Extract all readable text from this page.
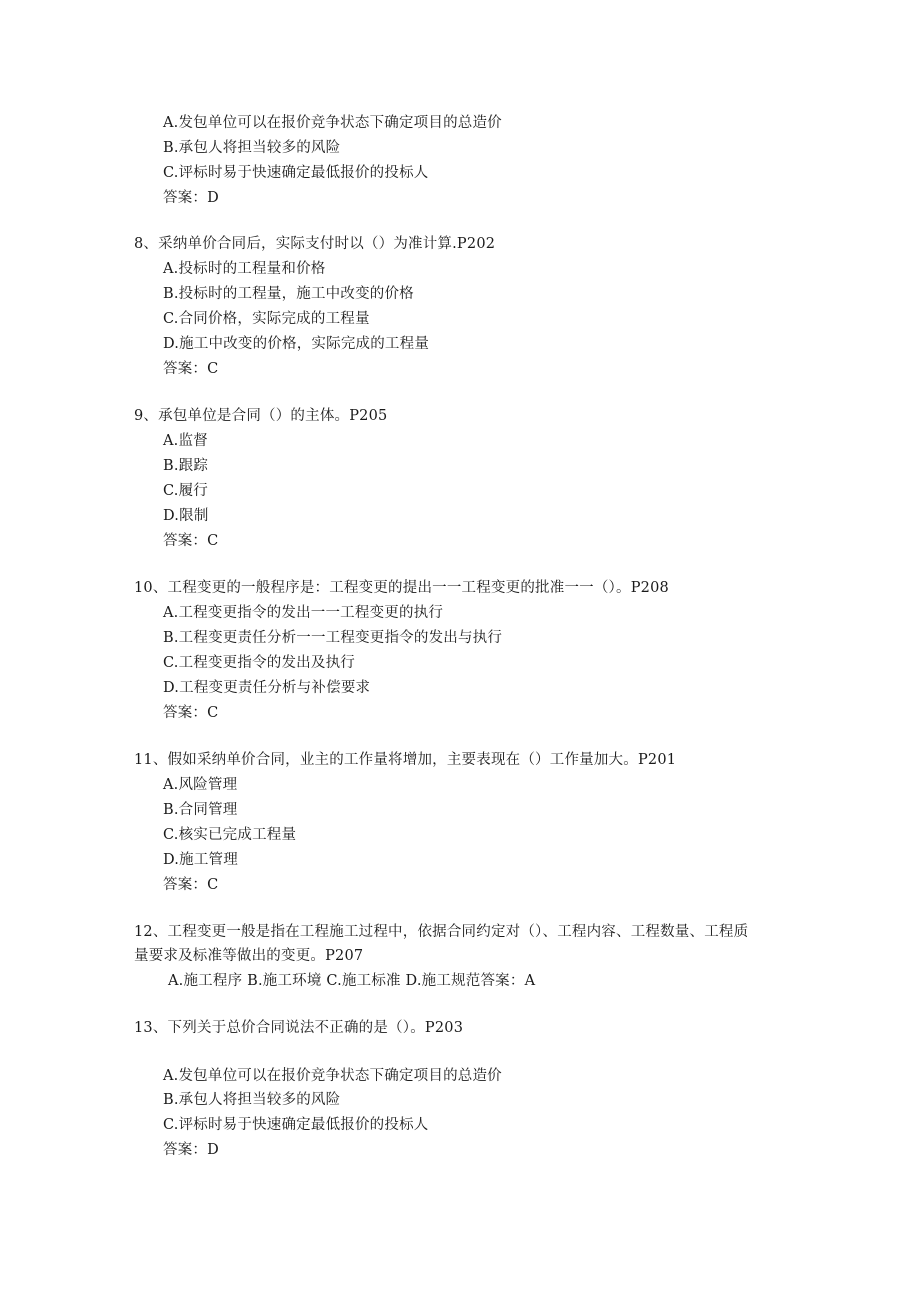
A.发包单位可以在报价竞争状态下确定项目的总造价
B.承包人将担当较多的风险
C.评标时易于快速确定最低报价的投标人
答案：D
8、采纳单价合同后，实际支付时以（）为准计算.P202
A.投标时的工程量和价格
B.投标时的工程量，施工中改变的价格
C.合同价格，实际完成的工程量
D.施工中改变的价格，实际完成的工程量
答案：C
9、承包单位是合同（）的主体。P205
A.监督
B.跟踪
C.履行
D.限制
答案：C
10、工程变更的一般程序是：工程变更的提出一一工程变更的批准一一（）。P208
A.工程变更指令的发出一一工程变更的执行
B.工程变更责任分析一一工程变更指令的发出与执行
C.工程变更指令的发出及执行
D.工程变更责任分析与补偿要求
答案：C
11、假如采纳单价合同，业主的工作量将增加，主要表现在（）工作量加大。P201
A.风险管理
B.合同管理
C.核实已完成工程量
D.施工管理
答案：C
12、工程变更一般是指在工程施工过程中，依据合同约定对（）、工程内容、工程数量、工程质
量要求及标准等做出的变更。P207
A.施工程序 B.施工环境 C.施工标准 D.施工规范答案：A
13、下列关于总价合同说法不正确的是（）。P203
A.发包单位可以在报价竞争状态下确定项目的总造价
B.承包人将担当较多的风险
C.评标时易于快速确定最低报价的投标人
答案：D
